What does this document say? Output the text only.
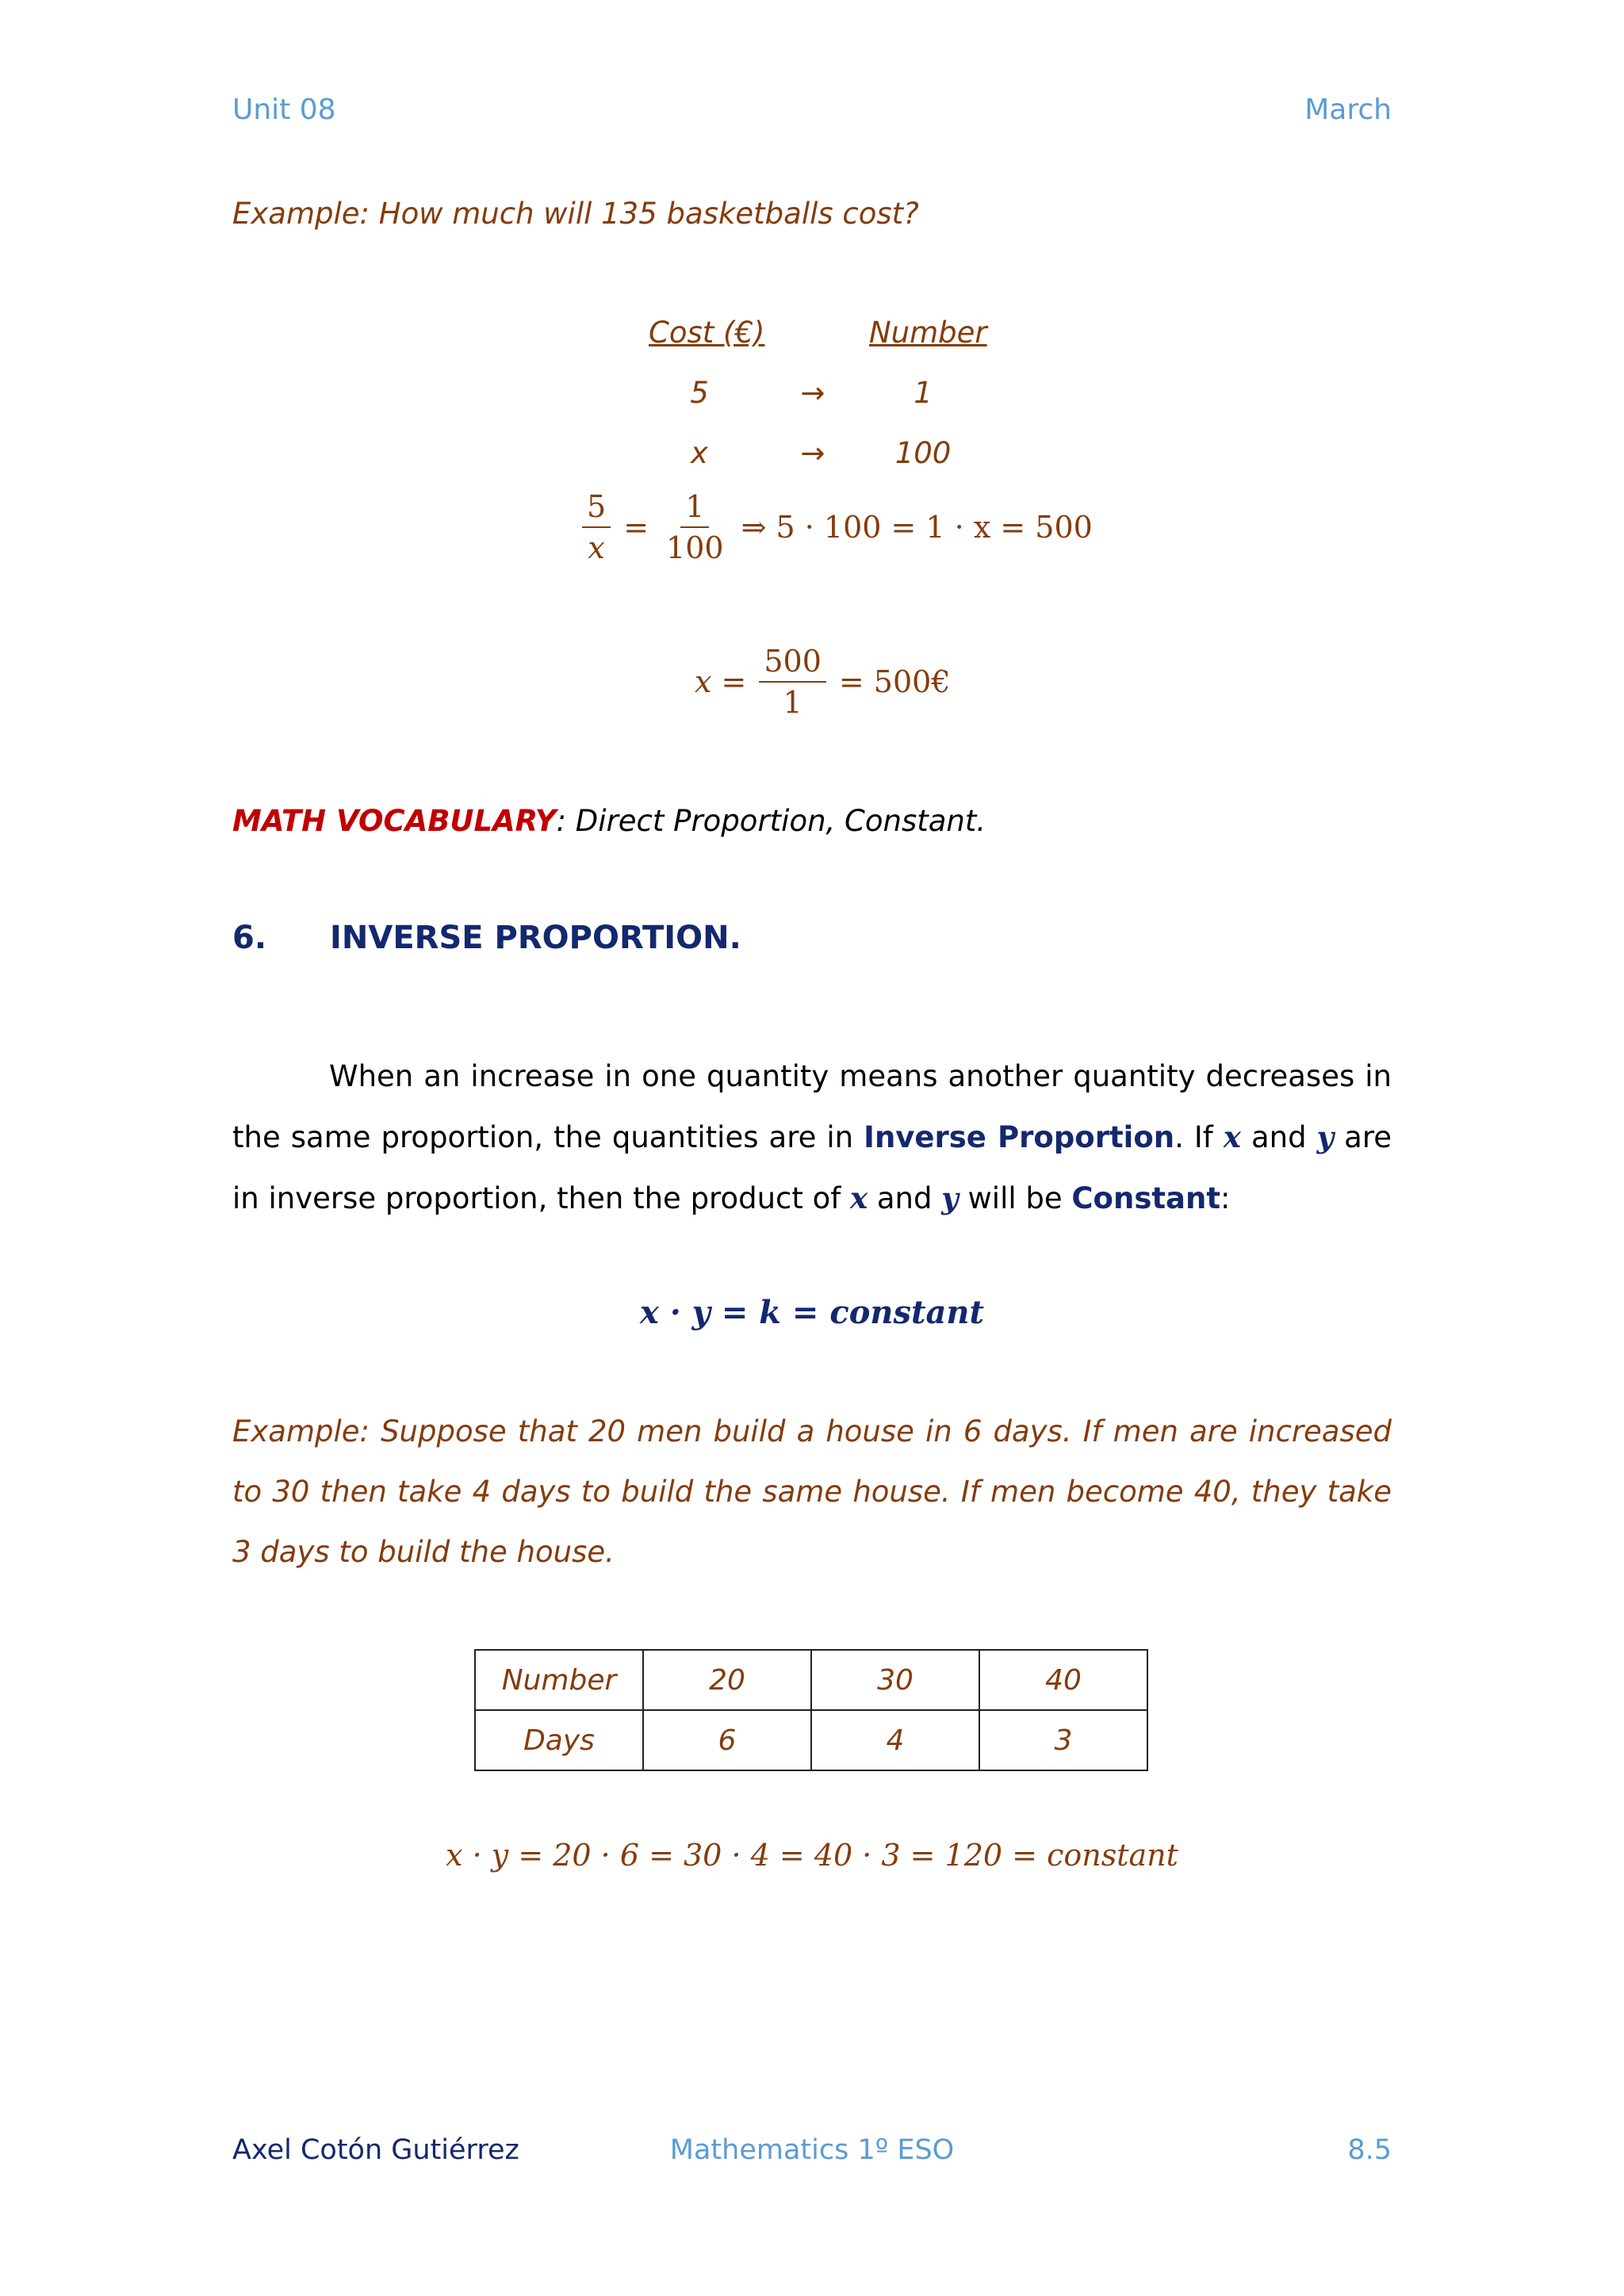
Unit 08	March
Example: How much will 135 basketballs cost?
Cost (€)	Number
5	→	1
x	→ 100
$\frac{5}{x} = \frac{1}{100}$ ⇒ 5 · 100 = 1 · x = 500
$x = \frac{500}{1}$ = 500€
MATH VOCABULARY: Direct Proportion, Constant.
6. INVERSE PROPORTION.
When an increase in one quantity means another quantity decreases in the same proportion, the quantities are in Inverse Proportion. If x and y are in inverse proportion, then the product of x and y will be Constant:
x · y = k = constant
Example: Suppose that 20 men build a house in 6 days. If men are increased to 30 then take 4 days to build the same house. If men become 40, they take 3 days to build the house.
Number	20	30	40
Days	6	4	3
x · y = 20 · 6 = 30 · 4 = 40 · 3 = 120 = constant
Axel Cotón Gutiérrez	Mathematics 1º ESO	8.5
